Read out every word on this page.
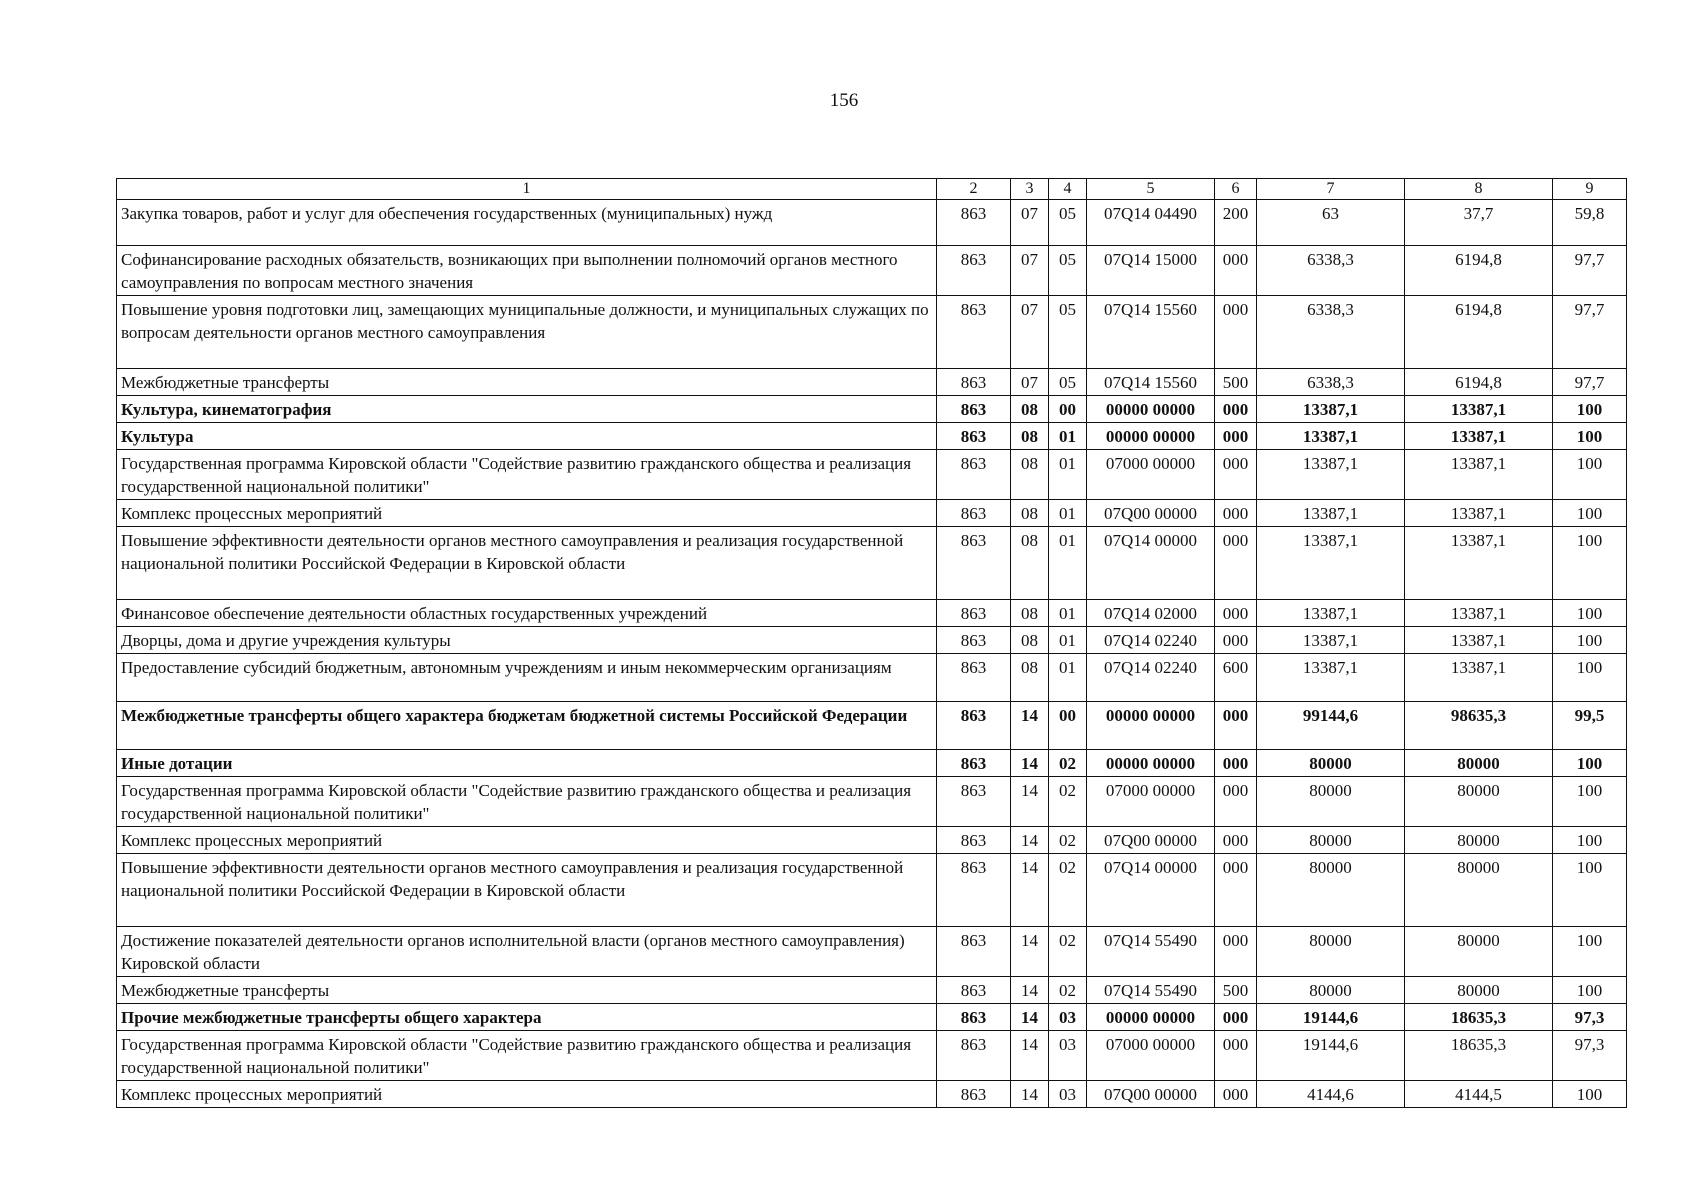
156
1	2	3	4	5	6	7	8	9
Закупка товаров, работ и услуг для обеспечения государственных (муниципальных) нужд	863	07	05	07Q14 04490	200	63	37,7	59,8
Софинансирование расходных обязательств, возникающих при выполнении полномочий органов местного самоуправления по вопросам местного значения	863	07	05	07Q14 15000	000	6338,3	6194,8	97,7
Повышение уровня подготовки лиц, замещающих муниципальные должности, и муниципальных служащих по вопросам деятельности органов местного самоуправления	863	07	05	07Q14 15560	000	6338,3	6194,8	97,7
Межбюджетные трансферты	863	07	05	07Q14 15560	500	6338,3	6194,8	97,7
Культура, кинематография	863	08	00	00000 00000	000	13387,1	13387,1	100
Культура	863	08	01	00000 00000	000	13387,1	13387,1	100
Государственная программа Кировской области "Содействие развитию гражданского общества и реализация государственной национальной политики"	863	08	01	07000 00000	000	13387,1	13387,1	100
Комплекс процессных мероприятий	863	08	01	07Q00 00000	000	13387,1	13387,1	100
Повышение эффективности деятельности органов местного самоуправления и реализация государственной национальной политики Российской Федерации в Кировской области	863	08	01	07Q14 00000	000	13387,1	13387,1	100
Финансовое обеспечение деятельности областных государственных учреждений	863	08	01	07Q14 02000	000	13387,1	13387,1	100
Дворцы, дома и другие учреждения культуры	863	08	01	07Q14 02240	000	13387,1	13387,1	100
Предоставление субсидий бюджетным, автономным учреждениям и иным некоммерческим организациям	863	08	01	07Q14 02240	600	13387,1	13387,1	100
Межбюджетные трансферты общего характера бюджетам бюджетной системы Российской Федерации	863	14	00	00000 00000	000	99144,6	98635,3	99,5
Иные дотации	863	14	02	00000 00000	000	80000	80000	100
Государственная программа Кировской области "Содействие развитию гражданского общества и реализация государственной национальной политики"	863	14	02	07000 00000	000	80000	80000	100
Комплекс процессных мероприятий	863	14	02	07Q00 00000	000	80000	80000	100
Повышение эффективности деятельности органов местного самоуправления и реализация государственной национальной политики Российской Федерации в Кировской области	863	14	02	07Q14 00000	000	80000	80000	100
Достижение показателей деятельности органов исполнительной власти (органов местного самоуправления) Кировской области	863	14	02	07Q14 55490	000	80000	80000	100
Межбюджетные трансферты	863	14	02	07Q14 55490	500	80000	80000	100
Прочие межбюджетные трансферты общего характера	863	14	03	00000 00000	000	19144,6	18635,3	97,3
Государственная программа Кировской области "Содействие развитию гражданского общества и реализация государственной национальной политики"	863	14	03	07000 00000	000	19144,6	18635,3	97,3
Комплекс процессных мероприятий	863	14	03	07Q00 00000	000	4144,6	4144,5	100
